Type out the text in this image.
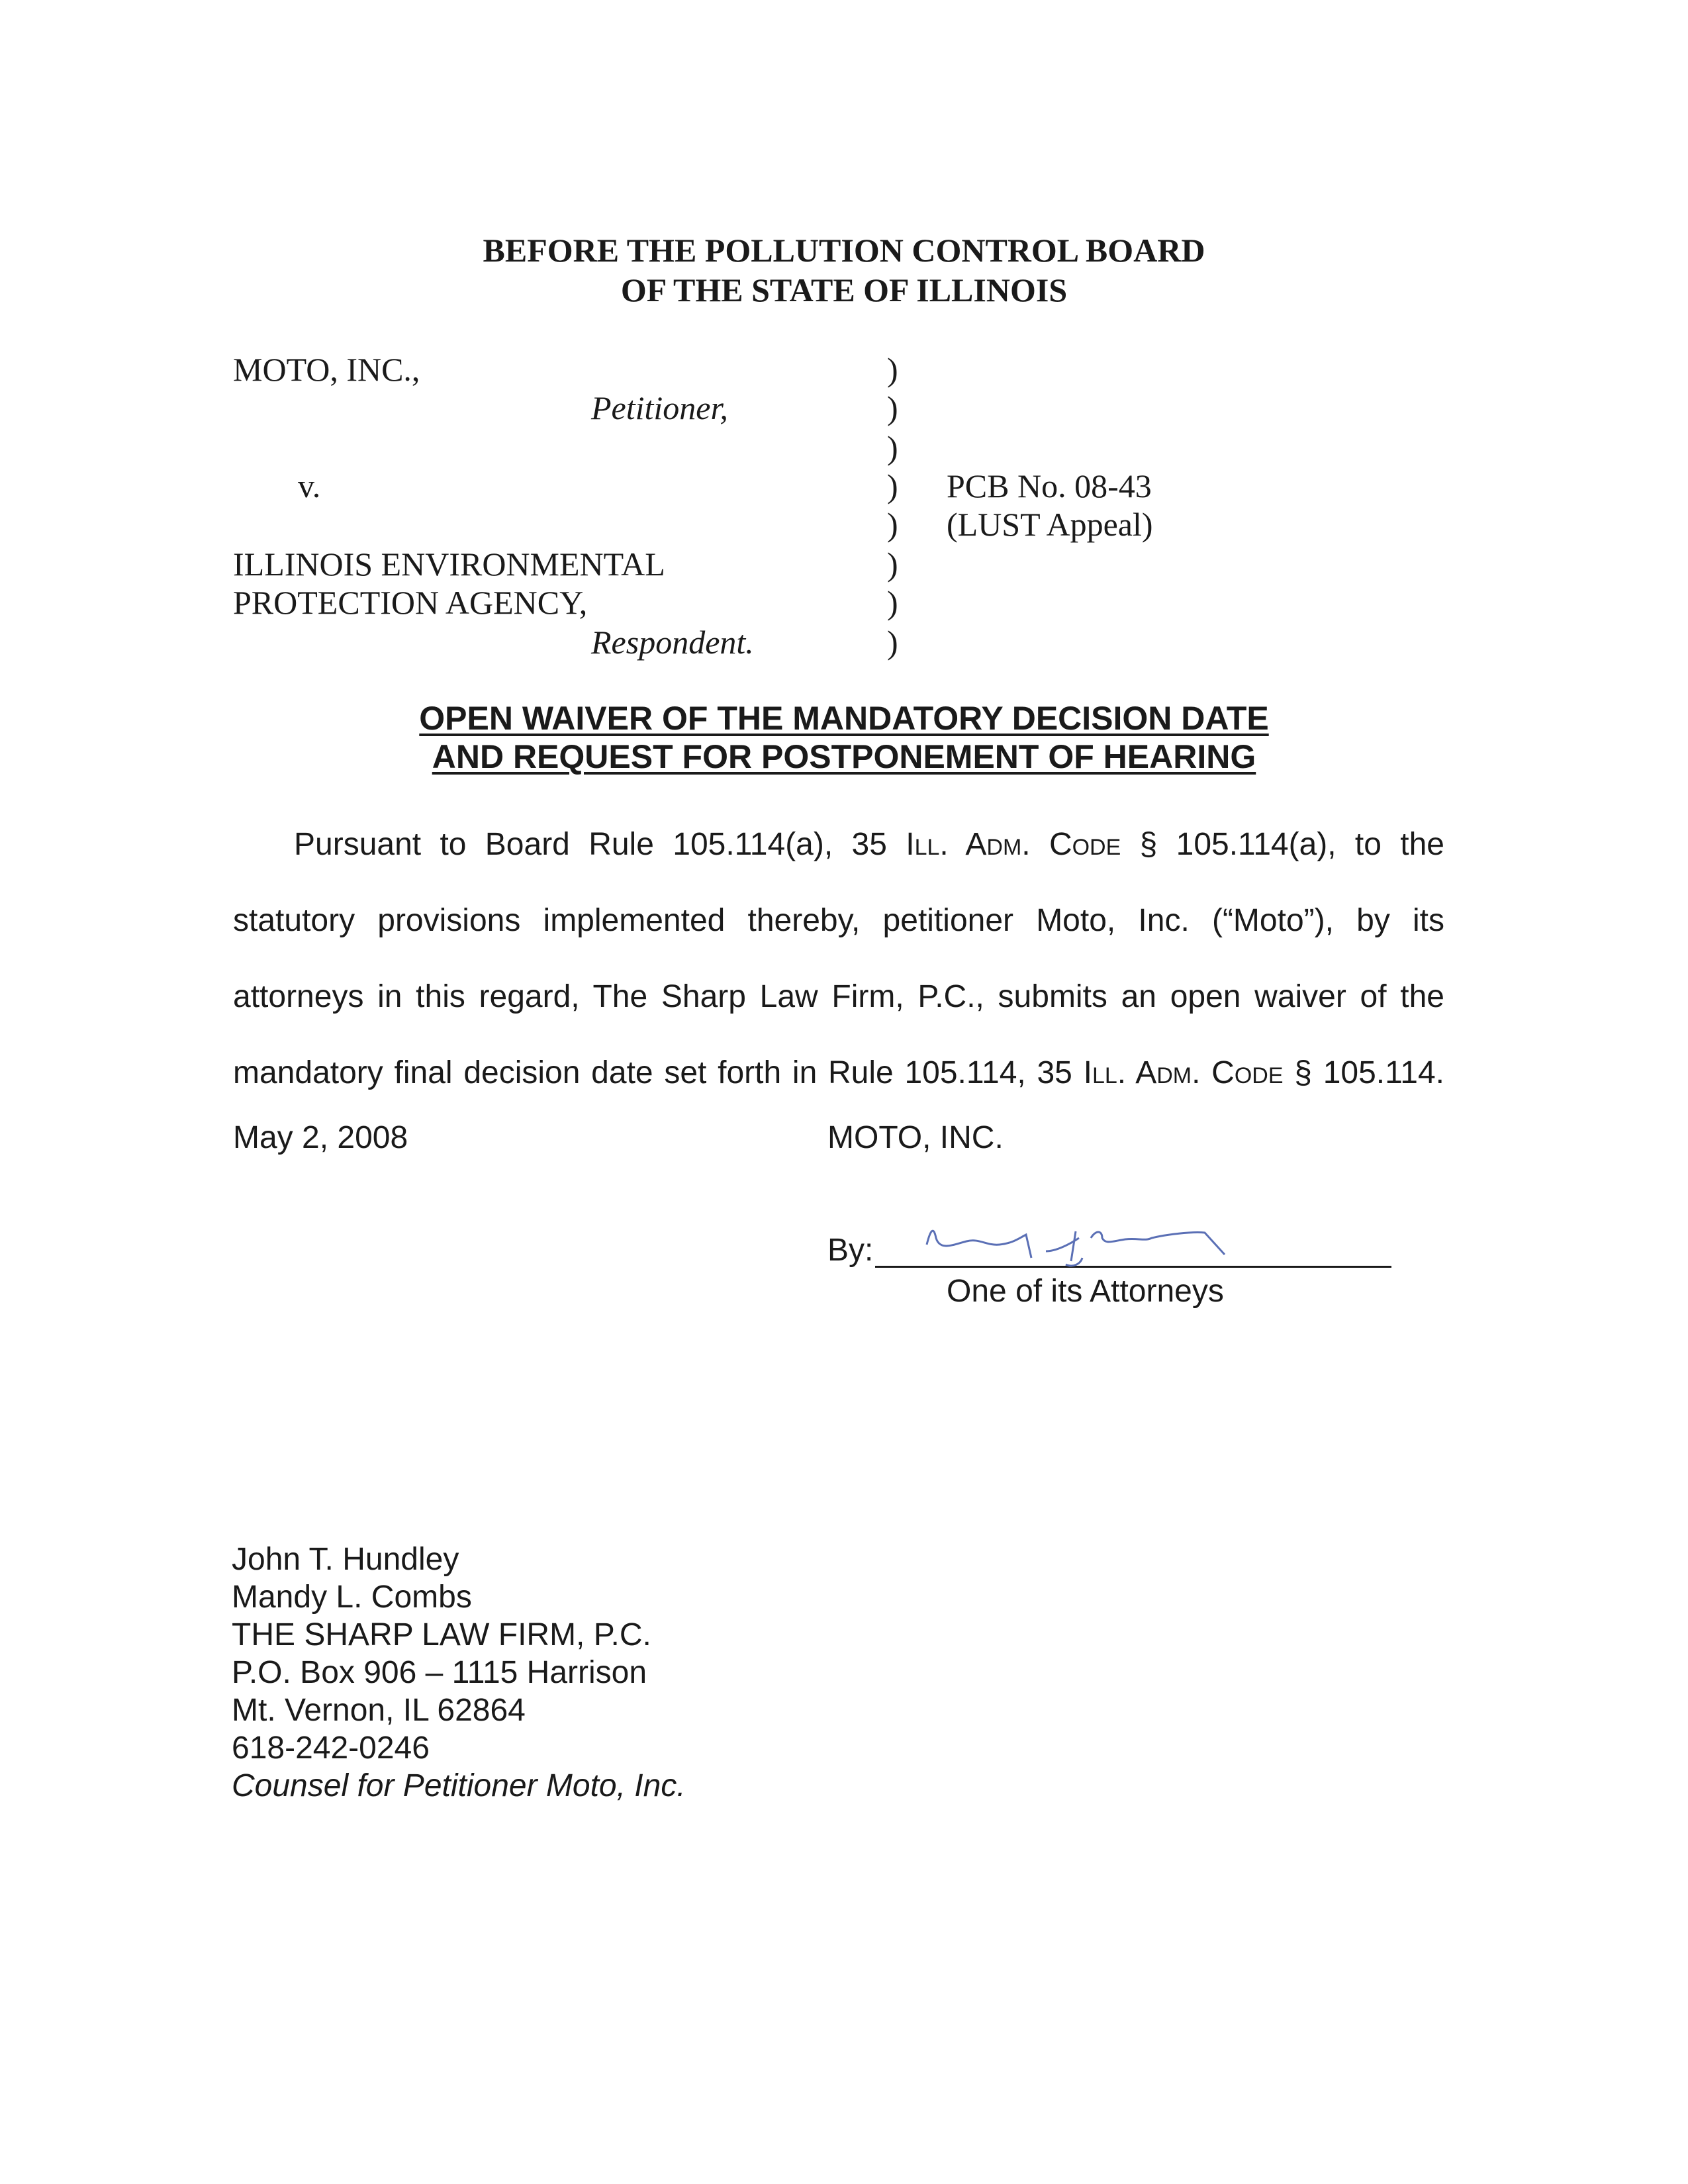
BEFORE THE POLLUTION CONTROL BOARD
OF THE STATE OF ILLINOIS
MOTO, INC.,
Petitioner,
v.
ILLINOIS ENVIRONMENTAL
PROTECTION AGENCY,
Respondent.
)
)
)
)
)
)
)
)
PCB No. 08-43
(LUST Appeal)
OPEN WAIVER OF THE MANDATORY DECISION DATE
AND REQUEST FOR POSTPONEMENT OF HEARING
Pursuant to Board Rule 105.114(a), 35 Ill. Adm. Code § 105.114(a), to the
statutory provisions implemented thereby, petitioner Moto, Inc. (“Moto”), by its
attorneys in this regard, The Sharp Law Firm, P.C., submits an open waiver of the
mandatory final decision date set forth in Rule 105.114, 35 Ill. Adm. Code § 105.114.
May 2, 2008	MOTO, INC.
By:
One of its Attorneys
John T. Hundley
Mandy L. Combs
THE SHARP LAW FIRM, P.C.
P.O. Box 906 – 1115 Harrison
Mt. Vernon, IL 62864
618-242-0246
Counsel for Petitioner Moto, Inc.
